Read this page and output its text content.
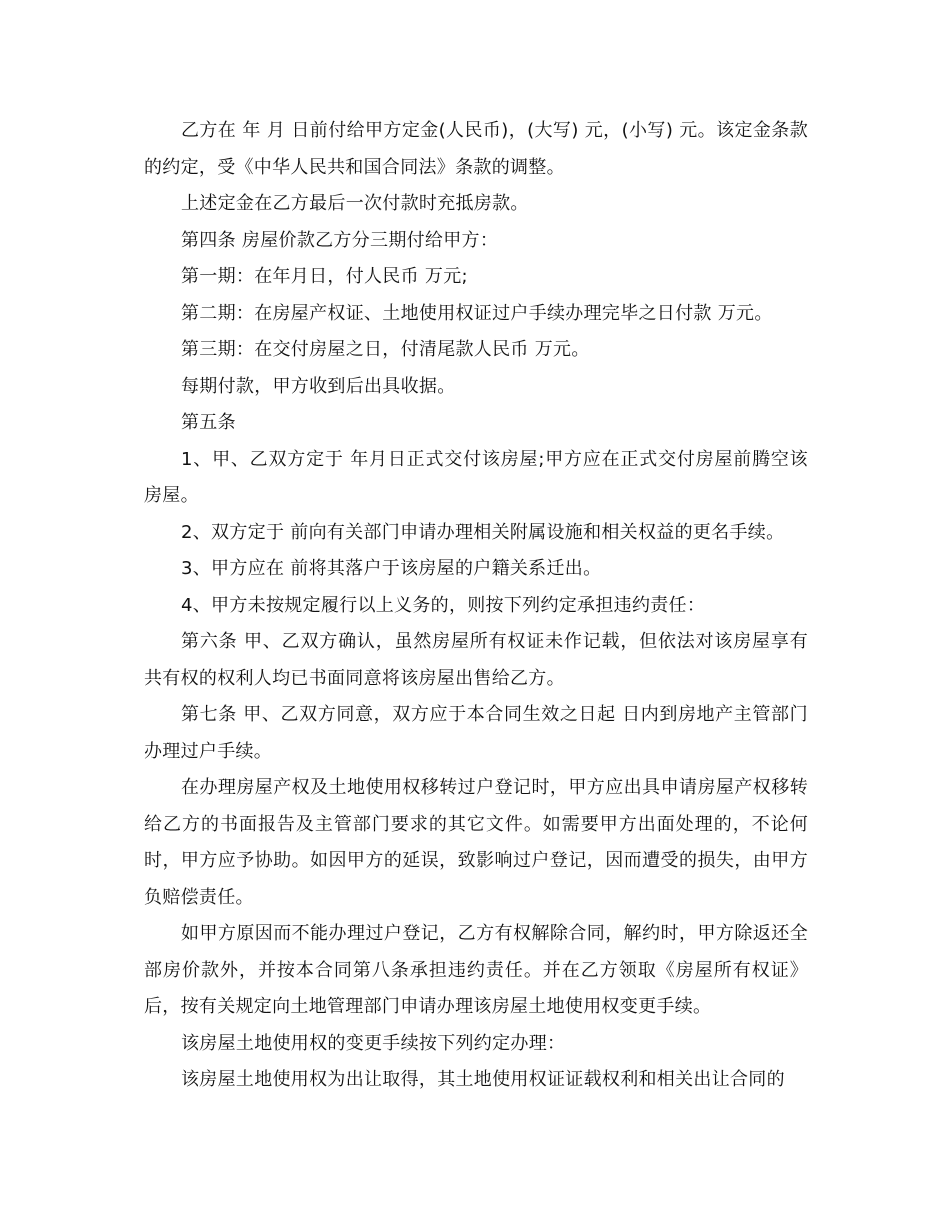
乙方在 年 月 日前付给甲方定金(人民币)，(大写) 元，(小写) 元。该定金条款的约定，受《中华人民共和国合同法》条款的调整。

上述定金在乙方最后一次付款时充抵房款。

第四条 房屋价款乙方分三期付给甲方：

第一期：在年月日，付人民币 万元;

第二期：在房屋产权证、土地使用权证过户手续办理完毕之日付款 万元。

第三期：在交付房屋之日，付清尾款人民币 万元。

每期付款，甲方收到后出具收据。

第五条

1、甲、乙双方定于 年月日正式交付该房屋;甲方应在正式交付房屋前腾空该房屋。

2、双方定于 前向有关部门申请办理相关附属设施和相关权益的更名手续。

3、甲方应在 前将其落户于该房屋的户籍关系迁出。

4、甲方未按规定履行以上义务的，则按下列约定承担违约责任：

第六条 甲、乙双方确认，虽然房屋所有权证未作记载，但依法对该房屋享有共有权的权利人均已书面同意将该房屋出售给乙方。

第七条 甲、乙双方同意，双方应于本合同生效之日起 日内到房地产主管部门办理过户手续。

在办理房屋产权及土地使用权移转过户登记时，甲方应出具申请房屋产权移转给乙方的书面报告及主管部门要求的其它文件。如需要甲方出面处理的，不论何时，甲方应予协助。如因甲方的延误，致影响过户登记，因而遭受的损失，由甲方负赔偿责任。

如甲方原因而不能办理过户登记，乙方有权解除合同，解约时，甲方除返还全部房价款外，并按本合同第八条承担违约责任。并在乙方领取《房屋所有权证》后，按有关规定向土地管理部门申请办理该房屋土地使用权变更手续。

该房屋土地使用权的变更手续按下列约定办理：

该房屋土地使用权为出让取得，其土地使用权证证载权利和相关出让合同的
